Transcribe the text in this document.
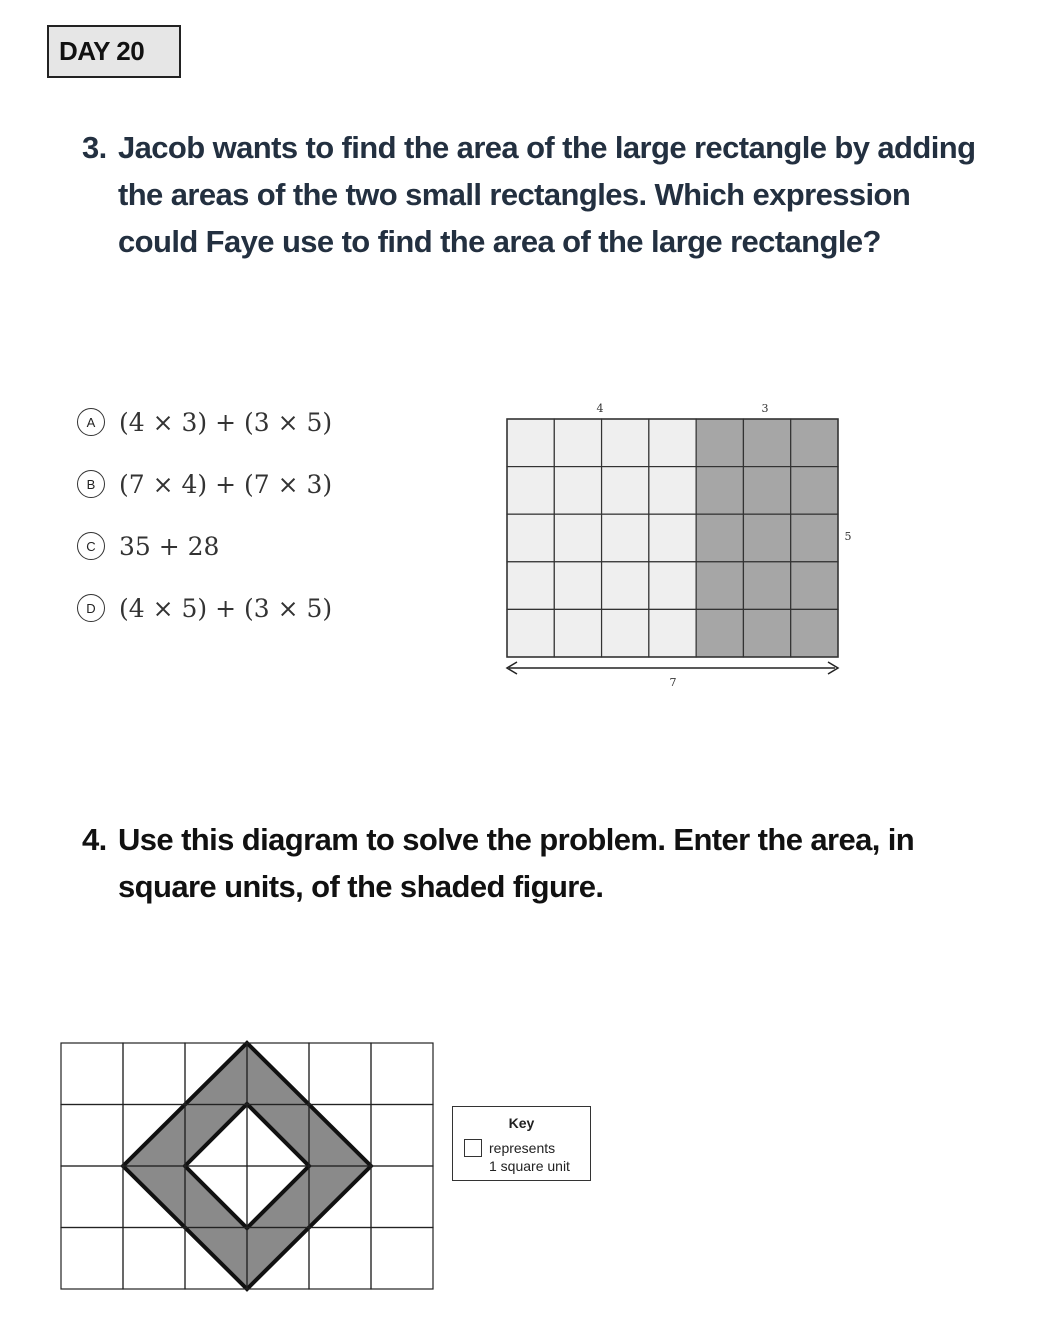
DAY 20
3. Jacob wants to find the area of the large rectangle by adding
the areas of the two small rectangles. Which expression
could Faye use to find the area of the large rectangle?
A (4 × 3) + (3 × 5)
B (7 × 4) + (7 × 3)
C 35 + 28
D (4 × 5) + (3 × 5)
4	3
5
7
4. Use this diagram to solve the problem. Enter the area, in
square units, of the shaded figure.
Key
represents
1 square unit
